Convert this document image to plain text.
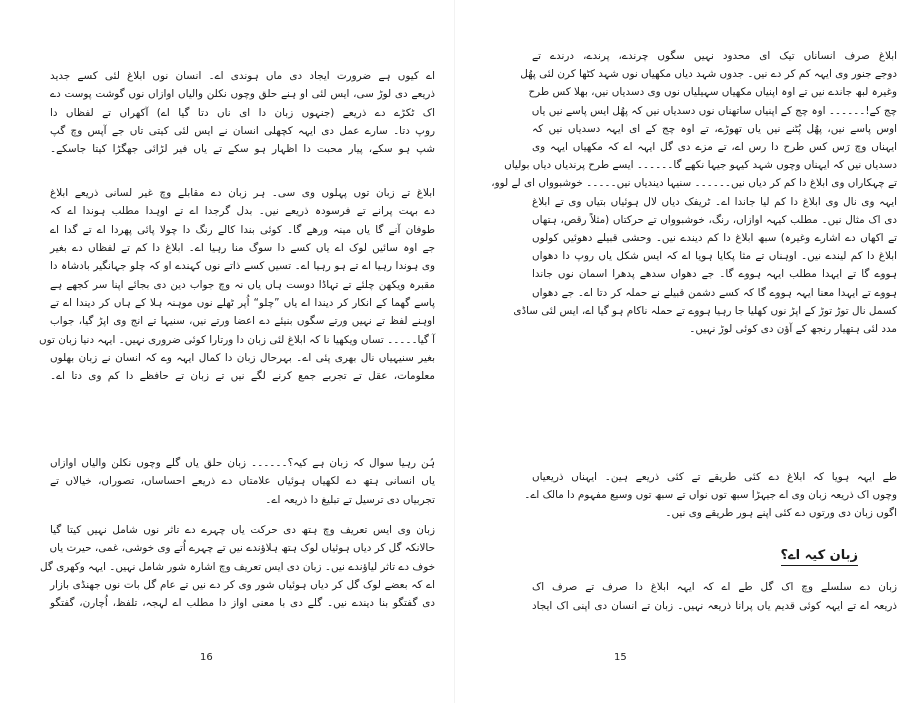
اے کیوں ہے ضرورت ایجاد دی ماں ہوندی اے۔ انسان نوں ابلاغ لئی کسے جدید
ذریعے دی لوڑ سی، ایس لئی او ہنے حلق وچوں نکلن والیاں اوازاں نوں گوشت پوست دے
اک ٹکڑے دے ذریعے (جنہوں زبان دا ای ناں دتا گیا اے) آکھراں تے لفظاں دا
روپ دتا۔ سارے عمل دی ایہہ کچھلی انسان نے ایس لئی کیتی تاں جے آپس وچ گپ
شپ ہو سکے، پیار محبت دا اظہار ہو سکے تے یاں فیر لڑائی جھگڑا کیتا جاسکے۔
ابلاغ تے زبان توں پہلوں وی سی۔ ہر زبان دے مقابلے وچ غیر لسانی ذریعے ابلاغ
دے بہت پرانے تے فرسودہ ذریعے نیں۔ بدل گرجدا اے تے اوہدا مطلب ہوندا اے کہ
طوفان آنے گا یاں مینہ ورھے گا۔ کوئی بندا کالے رنگ دا چولا پائی پھردا اے تے گدا اے
جے اوہ سائیں لوک اے یاں کسے دا سوگ منا رہیا اے۔ ابلاغ دا کم تے لفظاں دے بغیر
وی ہوندا رہیا اے تے ہو رہیا اے۔ تسیں کسے ذاتے نوں کہندے او کہ چلو جہانگیر بادشاہ دا
مقبرہ ویکھن چلئے تے تہاڈا دوست ہاں یاں نہ وچ جواب دین دی بجائے اپنا سر کجھے ہے
پاسے گھما کے انکار کر دیندا اے یاں ”چلو“ اُپر ٹھلے نوں موہنہ ہلا کے ہاں کر دیندا اے تے
اوہنے لفظ تے نہیں ورتے سگوں بنیئے دے اعضا ورتے نیں، سنیہا تے انج وی اپڑ گیا، جواب
آ گیا۔۔۔۔۔ تساں ویکھیا نا کہ ابلاغ لئی زبان دا ورتارا کوئی ضروری نہیں۔ ایہہ دنیا زبان توں
بغیر سنیہیاں نال بھری پئی اے۔ بہرحال زبان دا کمال ایہہ وے کہ انسان نے زبان بھلوں
معلومات، عقل تے تجربے جمع کرنے لگے نیں تے زبان تے حافظے دا کم وی دتا اے۔
ہُن رہیا سوال کہ زبان ہے کیہ؟۔۔۔۔۔۔ زبان حلق یاں گلے وچوں نکلن والیاں اوازاں
یاں انسانی ہتھ دے لکھیاں ہوئیاں علامتاں دے ذریعے احساساں، تصوراں، خیالاں تے
تجربیاں دی ترسیل تے تبلیغ دا ذریعہ اے۔
زبان وی ایس تعریف وچ ہتھ دی حرکت یاں چہرے دے تاثر نوں شامل نہیں کیتا گیا
حالانکہ گل کر دیاں ہوئیاں لوک ہتھ ہلاؤندے نیں تے چہرے اُتے وی خوشی، غمی، حیرت یاں
خوف دے تاثر لیاؤندے نیں۔ زبان دی ایس تعریف وچ اشارہ شور شامل نہیں۔ ایہہ وکھری گل
اے کہ بعضے لوک گل کر دیاں ہوئیاں شور وی کر دے نیں تے عام گل بات نوں جھنڈی بازار
دی گفتگو بنا دیندے نیں۔ گلے دی با معنی اواز دا مطلب اے لہجہ، تلفظ، اُچارن، گفتگو
16
ابلاغ صرف انساناں تیک ای محدود نہیں سگوں چرندے، پرندے، درندے تے
دوجے جنور وی ایہہ کم کر دے نیں۔ جدوں شہد دیاں مکھیاں نوں شہد کٹھا کرن لئی پھُل
وغیرہ لبھ جاندے نیں تے اوہ اپنیاں مکھیاں سہیلیاں نوں وی دسدیاں نیں، بھلا کس طرح
چج کے!۔۔۔۔۔۔ اوہ چج کے اپنیاں ساتھناں نوں دسدیاں نیں کہ پھُل ایس پاسے نیں یاں
اوس پاسے نیں، پھُل پُٹنے نیں یاں تھوڑے، تے اوہ چج کے ای ایہہ دسدیاں نیں کہ
ایہناں وچ رَس کس طرح دا رس اے، تے مزے دی گل ایہہ اے کہ مکھیاں ایہہ وی
دسدیاں نیں کہ ایہناں وچوں شہد کیہو جیہا نکھے گا۔۔۔۔۔۔ ایسے طرح پرندیاں دیاں بولیاں
تے چہکاراں وی ابلاغ دا کم کر دیاں نیں۔۔۔۔۔۔ سنیہا دیندیاں نیں۔۔۔۔۔ خوشبوواں ای لے لوو،
ایہہ وی نال وی ابلاغ دا کم لیا جاندا اے۔ ٹریفک دیاں لال ہوئیاں بتیاں وی تے ابلاغ
دی اک مثال نیں۔ مطلب کیہہ اوازاں، رنگ، خوشبوواں تے حرکتاں (مثلاً رقص، ہتھاں
تے اکھاں دے اشارے وغیرہ) سبھ ابلاغ دا کم دیندے نیں۔ وحشی قبیلے دھوئیں کولوں
ابلاغ دا کم لیندے نیں۔ اوہناں تے مثا پکایا ہویا اے کہ ایس شکل یاں روپ دا دھواں
ہووے گا تے ایہدا مطلب ایہہ ہووے گا۔ جے دھواں سدھے پدھرا اسمان نوں جاندا
ہووے تے ایہدا معنا ایہہ ہووے گا کہ کسے دشمن قبیلے نے حملہ کر دتا اے۔ جے دھواں
کسمل نال توڑ توڑ کے اپڑ نوں کھلیا جا رہیا ہووے تے حملہ ناکام ہو گیا اے، ایس لئی ساڈی
مدد لئی ہتھیار رنجھ کے آؤن دی کوئی لوڑ نہیں۔
طے ایہہ ہویا کہ ابلاغ دے کئی طریقے تے کئی ذریعے ہین۔ ایہناں ذریعیاں
وچوں اک ذریعہ زبان وی اے جیہڑا سبھ توں نواں تے سبھ توں وسیع مفہوم دا مالک اے۔
اگوں زبان دی ورتوں دے کئی اپنے ہور طریقے وی نیں۔
زبان کیہ اے؟
زبان دے سلسلے وچ اک گل طے اے کہ ایہہ ابلاغ دا صرف تے صرف اک
ذریعہ اے تے ایہہ کوئی قدیم یاں پرانا ذریعہ نہیں۔ زبان تے انسان دی اپنی اک ایجاد
15
